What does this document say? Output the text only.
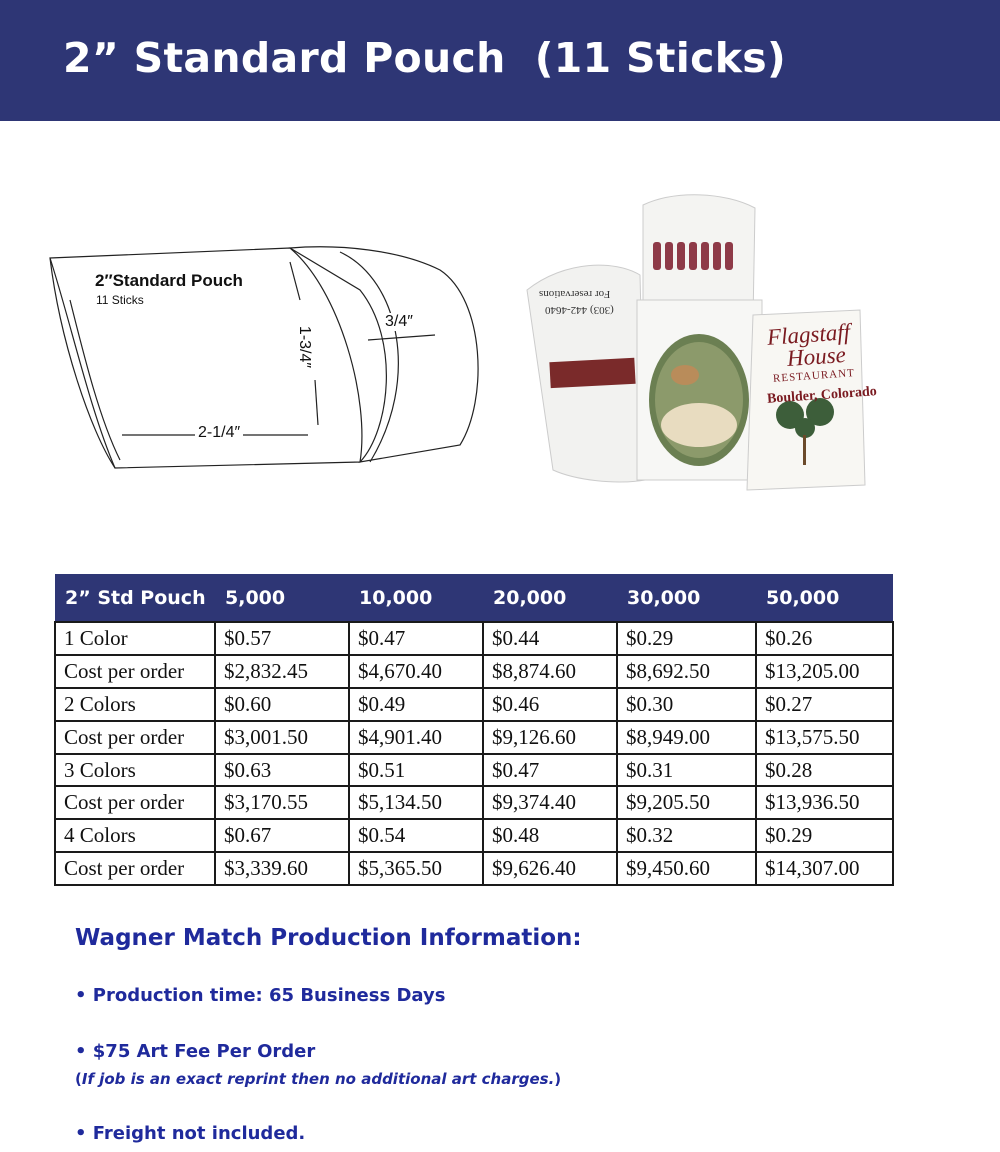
2” Standard Pouch  (11 Sticks)
2″Standard Pouch
11 Sticks
2-1/4″
3/4″
1-3/4″	Flagstaff
House
RESTAURANT
Boulder, Colorado
For reservations
(303) 442-4640
2” Std Pouch	5,000	10,000	20,000	30,000	50,000
1 Color	$0.57	$0.47	$0.44	$0.29	$0.26
Cost per order	$2,832.45	$4,670.40	$8,874.60	$8,692.50	$13,205.00
2 Colors	$0.60	$0.49	$0.46	$0.30	$0.27
Cost per order	$3,001.50	$4,901.40	$9,126.60	$8,949.00	$13,575.50
3 Colors	$0.63	$0.51	$0.47	$0.31	$0.28
Cost per order	$3,170.55	$5,134.50	$9,374.40	$9,205.50	$13,936.50
4 Colors	$0.67	$0.54	$0.48	$0.32	$0.29
Cost per order	$3,339.60	$5,365.50	$9,626.40	$9,450.60	$14,307.00
Wagner Match Production Information:
• Production time: 65 Business Days
• $75 Art Fee Per Order
(If job is an exact reprint then no additional art charges.)
• Freight not included.
